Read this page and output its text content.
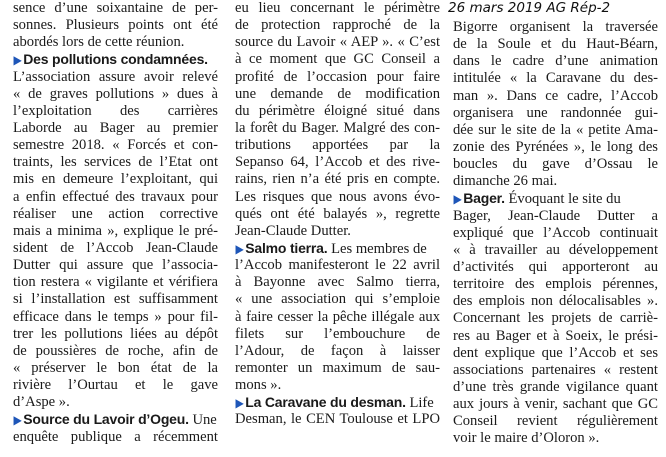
26 mars 2019 AG Rép-2
sence d’une soixantaine de per-
sonnes. Plusieurs points ont été
abordés lors de cette réunion.
▶Des pollutions condamnées.
L’association assure avoir relevé
« de graves pollutions » dues à
l’exploitation des carrières
Laborde au Bager au premier
semestre 2018. « Forcés et con-
traints, les services de l’Etat ont
mis en demeure l’exploitant, qui
a enfin effectué des travaux pour
réaliser une action corrective
mais a minima », explique le pré-
sident de l’Accob Jean-Claude
Dutter qui assure que l’associa-
tion restera « vigilante et vérifiera
si l’installation est suffisamment
efficace dans le temps » pour fil-
trer les pollutions liées au dépôt
de poussières de roche, afin de
« préserver le bon état de la
rivière l’Ourtau et le gave
d’Aspe ».
▶Source du Lavoir d’Ogeu. Une
enquête publique a récemment
eu lieu concernant le périmètre
de protection rapproché de la
source du Lavoir « AEP ». « C’est
à ce moment que GC Conseil a
profité de l’occasion pour faire
une demande de modification
du périmètre éloigné situé dans
la forêt du Bager. Malgré des con-
tributions apportées par la
Sepanso 64, l’Accob et des rive-
rains, rien n’a été pris en compte.
Les risques que nous avons évo-
qués ont été balayés », regrette
Jean-Claude Dutter.
▶Salmo tierra. Les membres de
l’Accob manifesteront le 22 avril
à Bayonne avec Salmo tierra,
« une association qui s’emploie
à faire cesser la pêche illégale aux
filets sur l’embouchure de
l’Adour, de façon à laisser
remonter un maximum de sau-
mons ».
▶La Caravane du desman. Life
Desman, le CEN Toulouse et LPO
Bigorre organisent la traversée
de la Soule et du Haut-Béarn,
dans le cadre d’une animation
intitulée « la Caravane du des-
man ». Dans ce cadre, l’Accob
organisera une randonnée gui-
dée sur le site de la « petite Ama-
zonie des Pyrénées », le long des
boucles du gave d’Ossau le
dimanche 26 mai.
▶Bager. Évoquant le site du
Bager, Jean-Claude Dutter a
expliqué que l’Accob continuait
« à travailler au développement
d’activités qui apporteront au
territoire des emplois pérennes,
des emplois non délocalisables ».
Concernant les projets de carriè-
res au Bager et à Soeix, le prési-
dent explique que l’Accob et ses
associations partenaires « restent
d’une très grande vigilance quant
aux jours à venir, sachant que GC
Conseil revient régulièrement
voir le maire d’Oloron ».
